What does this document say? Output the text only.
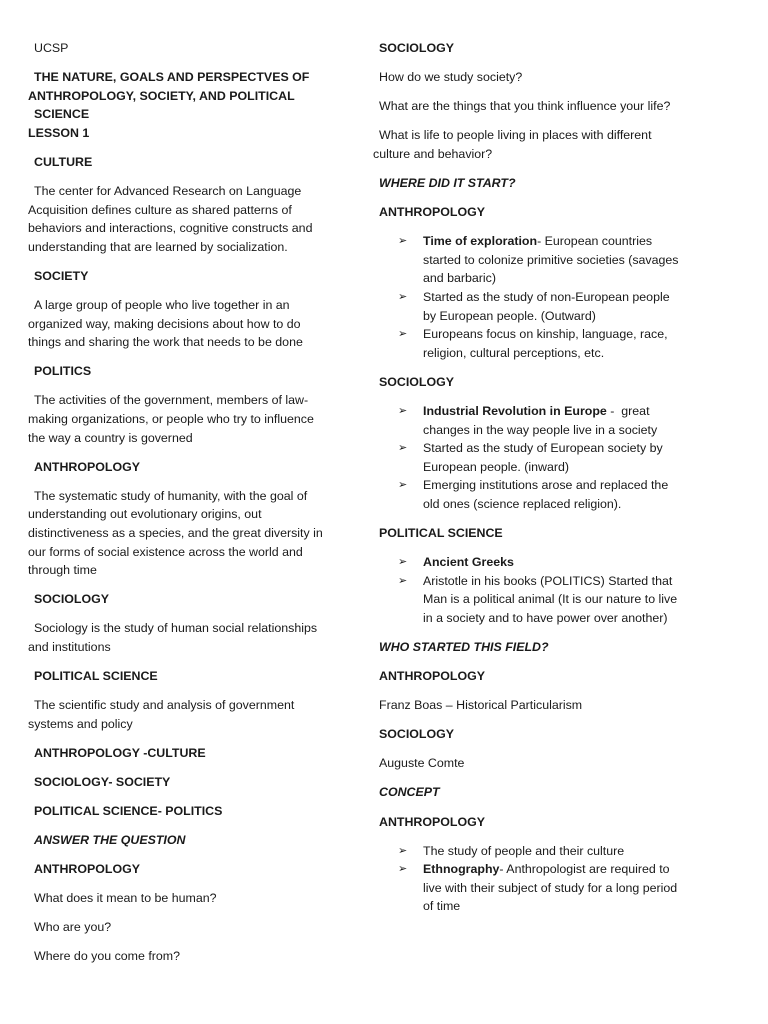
UCSP

THE NATURE, GOALS AND PERSPECTVES OF
ANTHROPOLOGY, SOCIETY, AND POLITICAL SCIENCE
LESSON 1

CULTURE

The center for Advanced Research on Language Acquisition defines culture as shared patterns of behaviors and interactions, cognitive constructs and understanding that are learned by socialization.

SOCIETY

A large group of people who live together in an organized way, making decisions about how to do things and sharing the work that needs to be done

POLITICS

The activities of the government, members of law-making organizations, or people who try to influence the way a country is governed

ANTHROPOLOGY

The systematic study of humanity, with the goal of understanding out evolutionary origins, out distinctiveness as a species, and the great diversity in our forms of social existence across the world and through time

SOCIOLOGY

Sociology is the study of human social relationships and institutions

POLITICAL SCIENCE

The scientific study and analysis of government systems and policy

ANTHROPOLOGY -CULTURE

SOCIOLOGY- SOCIETY

POLITICAL SCIENCE- POLITICS

ANSWER THE QUESTION

ANTHROPOLOGY

What does it mean to be human?

Who are you?

Where do you come from?

SOCIOLOGY

How do we study society?

What are the things that you think influence your life?

What is life to people living in places with different culture and behavior?

WHERE DID IT START?

ANTHROPOLOGY

➢ Time of exploration- European countries started to colonize primitive societies (savages and barbaric)
➢ Started as the study of non-European people by European people. (Outward)
➢ Europeans focus on kinship, language, race, religion, cultural perceptions, etc.

SOCIOLOGY

➢ Industrial Revolution in Europe -  great changes in the way people live in a society
➢ Started as the study of European society by European people. (inward)
➢ Emerging institutions arose and replaced the old ones (science replaced religion).

POLITICAL SCIENCE

➢ Ancient Greeks
➢ Aristotle in his books (POLITICS) Started that Man is a political animal (It is our nature to live in a society and to have power over another)

WHO STARTED THIS FIELD?

ANTHROPOLOGY

Franz Boas – Historical Particularism

SOCIOLOGY

Auguste Comte

CONCEPT

ANTHROPOLOGY

➢ The study of people and their culture
➢ Ethnography- Anthropologist are required to live with their subject of study for a long period of time
